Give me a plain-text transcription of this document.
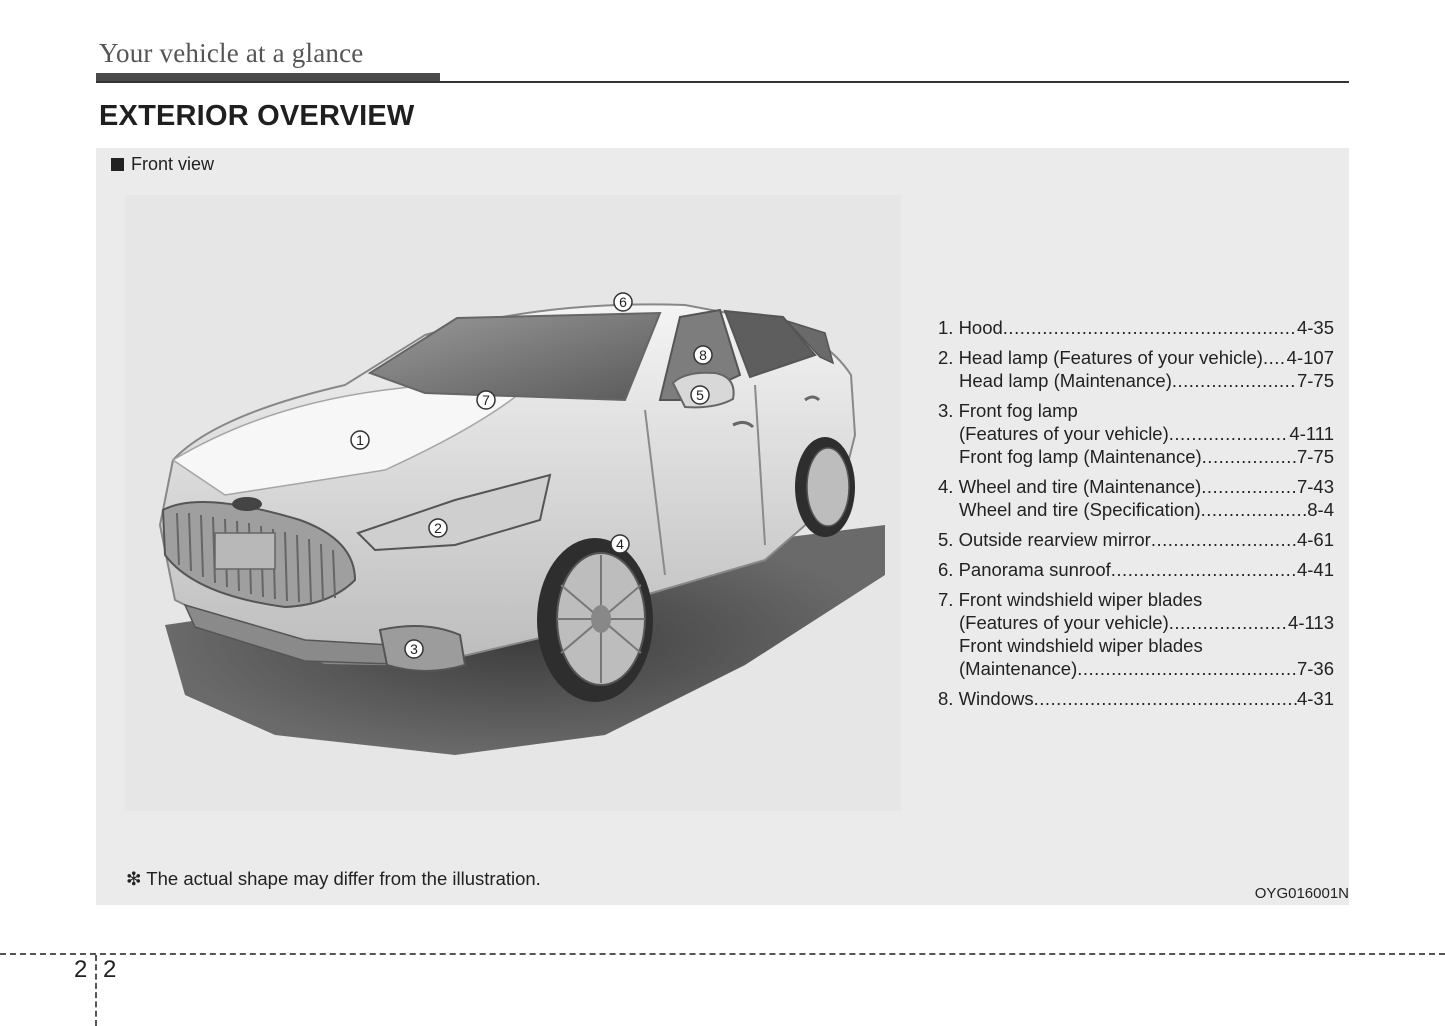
Your vehicle at a glance
EXTERIOR OVERVIEW
Front view
1
2
3
4
5
6
7
8
1. Hood .....	4-35
2. Head lamp (Features of your vehicle) ..... 4-107
Head lamp (Maintenance) .....	7-75
3. Front fog lamp
(Features of your vehicle) .....	4-111
Front fog lamp (Maintenance) .....	7-75
4. Wheel and tire (Maintenance) .....	7-43
Wheel and tire (Specification) .....	8-4
5. Outside rearview mirror .....	4-61
6. Panorama sunroof .....	4-41
7. Front windshield wiper blades
(Features of your vehicle) .....	4-113
Front windshield wiper blades
(Maintenance) .....	7-36
8. Windows .....	4-31
❇ The actual shape may differ from the illustration.
OYG016001N
2 2
